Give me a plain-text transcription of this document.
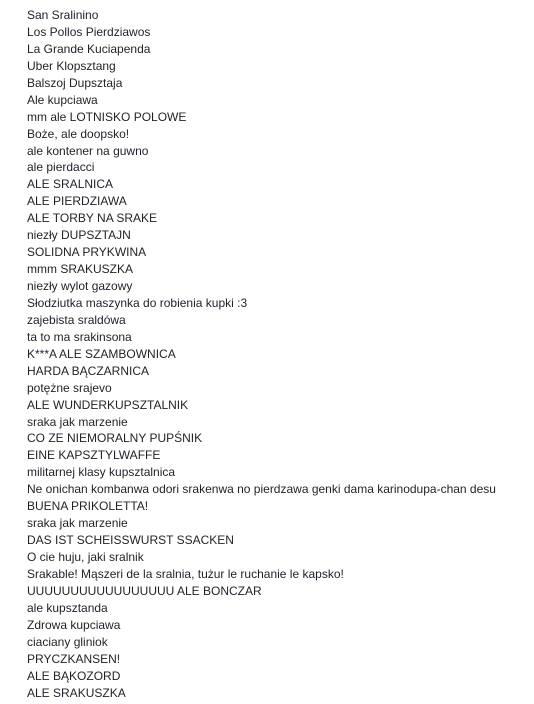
San Sralinino
Los Pollos Pierdziawos
La Grande Kuciapenda
Uber Klopsztang
Balszoj Dupsztaja
Ale kupciawa
mm ale LOTNISKO POLOWE
Boże, ale doopsko!
ale kontener na guwno
ale pierdacci
ALE SRALNICA
ALE PIERDZIAWA
ALE TORBY NA SRAKE
niezły DUPSZTAJN
SOLIDNA PRYKWINA
mmm SRAKUSZKA
niezły wylot gazowy
Słodziutka maszynka do robienia kupki :3
zajebista sraldówa
ta to ma srakinsona
K***A ALE SZAMBOWNICA
HARDA BĄCZARNICA
potężne srajevo
ALE WUNDERKUPSZTALNIK
sraka jak marzenie
CO ZE NIEMORALNY PUPŚNIK
EINE KAPSZTYLWAFFE
militarnej klasy kupsztalnica
Ne onichan kombanwa odori srakenwa no pierdzawa genki dama karinodupa-chan desu
BUENA PRIKOLETTA!
sraka jak marzenie
DAS IST SCHEISSWURST SSACKEN
O cie huju, jaki sralnik
Srakable! Mąszeri de la sralnia, tużur le ruchanie le kapsko!
UUUUUUUUUUUUUUUUU ALE BONCZAR
ale kupsztanda
Zdrowa kupciawa
ciaciany gliniok
PRYCZKANSEN!
ALE BĄKOZORD
ALE SRAKUSZKA
